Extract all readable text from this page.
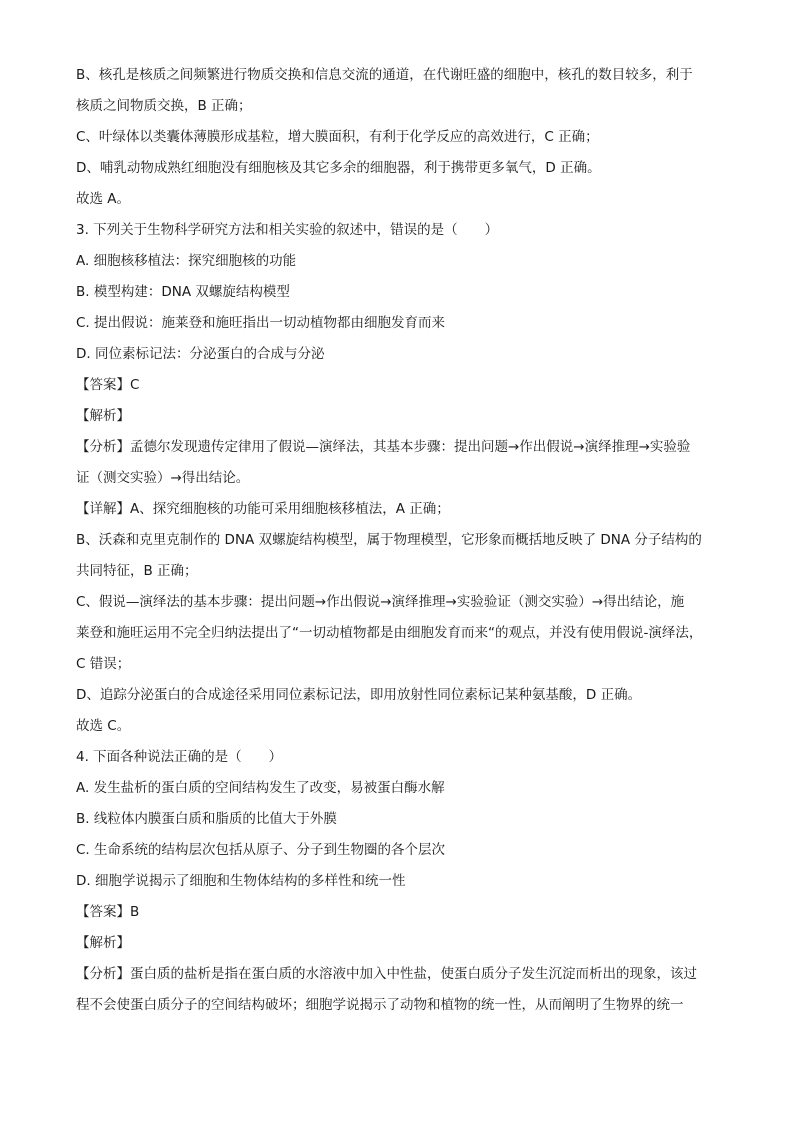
B、核孔是核质之间频繁进行物质交换和信息交流的通道，在代谢旺盛的细胞中，核孔的数目较多，利于

核质之间物质交换，B 正确；

C、叶绿体以类囊体薄膜形成基粒，增大膜面积，有利于化学反应的高效进行，C 正确；

D、哺乳动物成熟红细胞没有细胞核及其它多余的细胞器，利于携带更多氧气，D 正确。

故选 A。

3. 下列关于生物科学研究方法和相关实验的叙述中，错误的是（　　）

A. 细胞核移植法：探究细胞核的功能

B. 模型构建：DNA 双螺旋结构模型

C. 提出假说：施莱登和施旺指出一切动植物都由细胞发育而来

D. 同位素标记法：分泌蛋白的合成与分泌

【答案】C

【解析】

【分析】孟德尔发现遗传定律用了假说—演绎法，其基本步骤：提出问题→作出假说→演绎推理→实验验

证（测交实验）→得出结论。

【详解】A、探究细胞核的功能可采用细胞核移植法，A 正确；

B、沃森和克里克制作的 DNA 双螺旋结构模型，属于物理模型，它形象而概括地反映了 DNA 分子结构的

共同特征，B 正确；

C、假说—演绎法的基本步骤：提出问题→作出假说→演绎推理→实验验证（测交实验）→得出结论，施

莱登和施旺运用不完全归纳法提出了“一切动植物都是由细胞发育而来“的观点，并没有使用假说-演绎法，

C 错误；

D、追踪分泌蛋白的合成途径采用同位素标记法，即用放射性同位素标记某种氨基酸，D 正确。

故选 C。

4. 下面各种说法正确的是（　　）

A. 发生盐析的蛋白质的空间结构发生了改变，易被蛋白酶水解

B. 线粒体内膜蛋白质和脂质的比值大于外膜

C. 生命系统的结构层次包括从原子、分子到生物圈的各个层次

D. 细胞学说揭示了细胞和生物体结构的多样性和统一性

【答案】B

【解析】

【分析】蛋白质的盐析是指在蛋白质的水溶液中加入中性盐，使蛋白质分子发生沉淀而析出的现象，该过

程不会使蛋白质分子的空间结构破坏；细胞学说揭示了动物和植物的统一性，从而阐明了生物界的统一
